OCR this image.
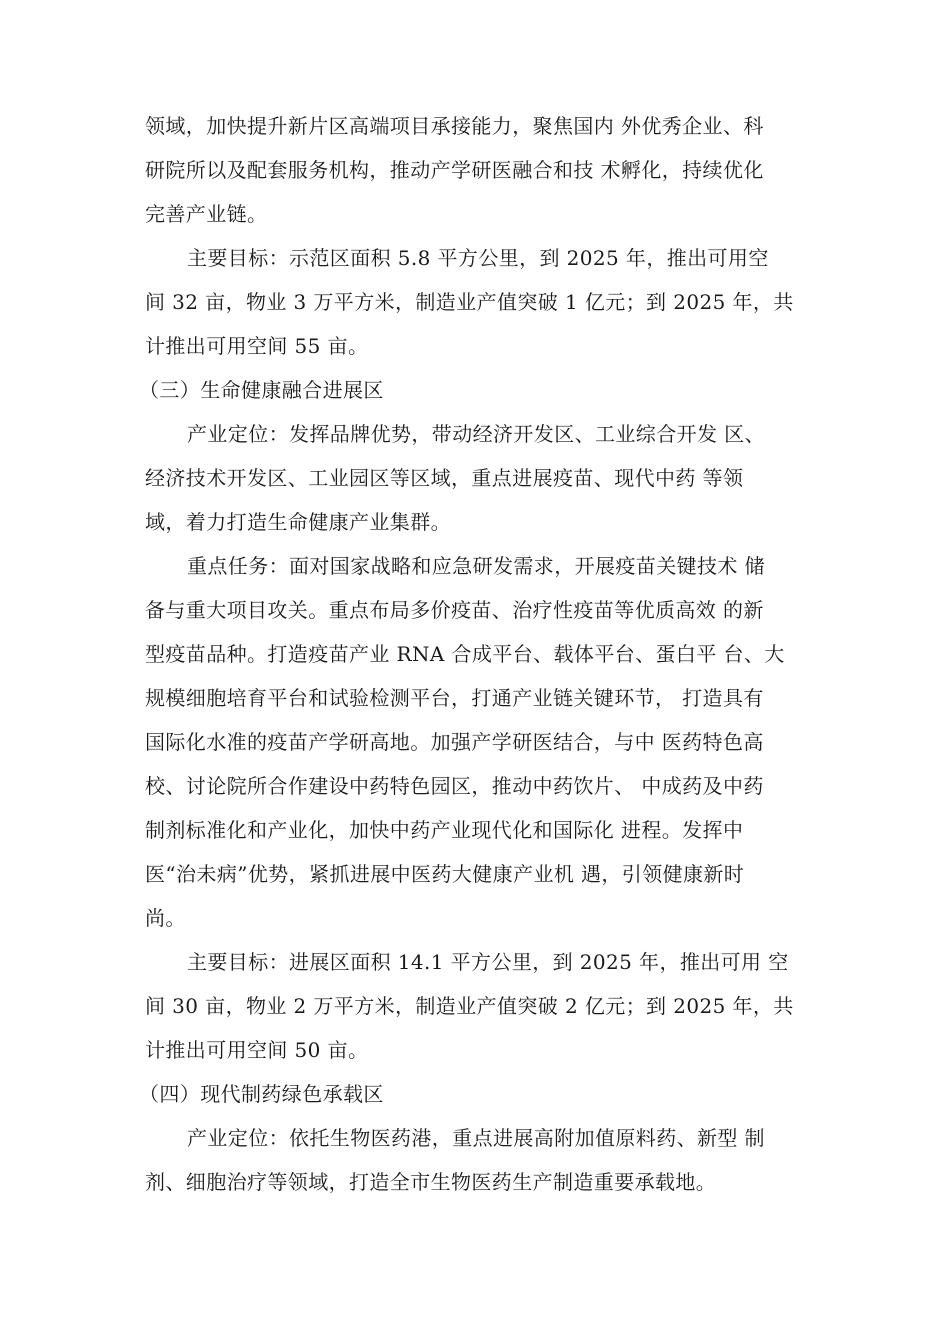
领域，加快提升新片区高端项目承接能力，聚焦国内 外优秀企业、科
研院所以及配套服务机构，推动产学研医融合和技 术孵化，持续优化
完善产业链。
主要目标：示范区面积 5.8 平方公里，到 2025 年，推出可用空
间 32 亩，物业 3 万平方米，制造业产值突破 1 亿元；到 2025 年，共
计推出可用空间 55 亩。
（三）生命健康融合进展区
产业定位：发挥品牌优势，带动经济开发区、工业综合开发 区、
经济技术开发区、工业园区等区域，重点进展疫苗、现代中药 等领
域，着力打造生命健康产业集群。
重点任务：面对国家战略和应急研发需求，开展疫苗关键技术 储
备与重大项目攻关。重点布局多价疫苗、治疗性疫苗等优质高效 的新
型疫苗品种。打造疫苗产业 RNA 合成平台、载体平台、蛋白平 台、大
规模细胞培育平台和试验检测平台，打通产业链关键环节， 打造具有
国际化水准的疫苗产学研高地。加强产学研医结合，与中 医药特色高
校、讨论院所合作建设中药特色园区，推动中药饮片、 中成药及中药
制剂标准化和产业化，加快中药产业现代化和国际化 进程。发挥中
医“治未病”优势，紧抓进展中医药大健康产业机 遇，引领健康新时
尚。
主要目标：进展区面积 14.1 平方公里，到 2025 年，推出可用 空
间 30 亩，物业 2 万平方米，制造业产值突破 2 亿元；到 2025 年，共
计推出可用空间 50 亩。
（四）现代制药绿色承载区
产业定位：依托生物医药港，重点进展高附加值原料药、新型 制
剂、细胞治疗等领域，打造全市生物医药生产制造重要承载地。
